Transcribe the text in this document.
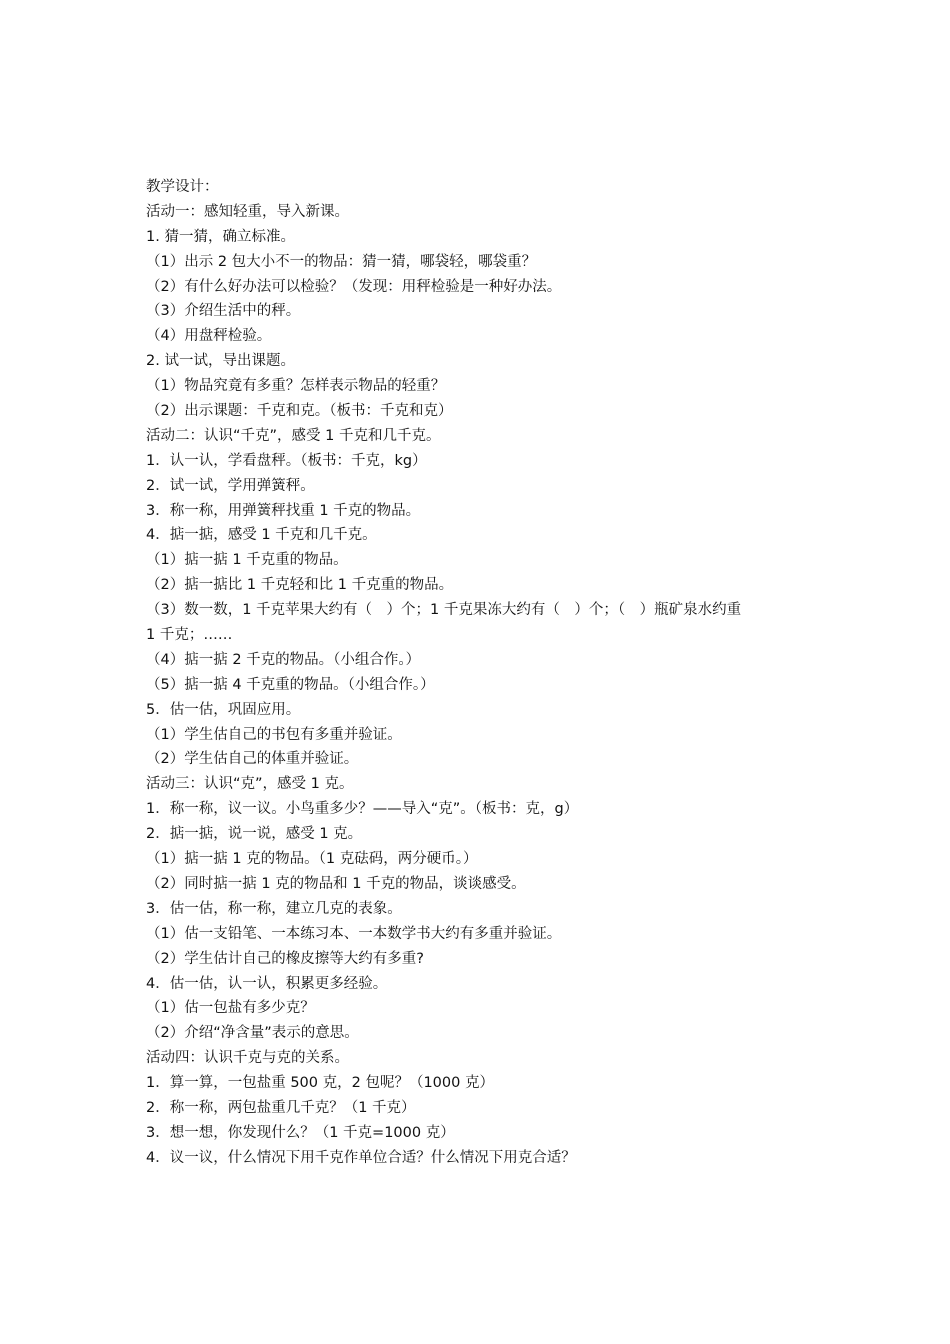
教学设计：
活动一：感知轻重，导入新课。
1. 猜一猜，确立标准。
（1）出示 2 包大小不一的物品：猜一猜，哪袋轻，哪袋重？
（2）有什么好办法可以检验？（发现：用秤检验是一种好办法。
（3）介绍生活中的秤。
（4）用盘秤检验。
2. 试一试，导出课题。
（1）物品究竟有多重？怎样表示物品的轻重？
（2）出示课题：千克和克。（板书：千克和克）
活动二：认识“千克”，感受 1 千克和几千克。
1．认一认，学看盘秤。（板书：千克，kg）
2．试一试，学用弹簧秤。
3．称一称，用弹簧秤找重 1 千克的物品。
4．掂一掂，感受 1 千克和几千克。
（1）掂一掂 1 千克重的物品。
（2）掂一掂比 1 千克轻和比 1 千克重的物品。
（3）数一数，1 千克苹果大约有（　）个；1 千克果冻大约有（　）个；（　）瓶矿泉水约重
1 千克；……
（4）掂一掂 2 千克的物品。（小组合作。）
（5）掂一掂 4 千克重的物品。（小组合作。）
5．估一估，巩固应用。
（1）学生估自己的书包有多重并验证。
（2）学生估自己的体重并验证。
活动三：认识“克”，感受 1 克。
1．称一称，议一议。小鸟重多少？——导入“克”。（板书：克，g）
2．掂一掂，说一说，感受 1 克。
（1）掂一掂 1 克的物品。（1 克砝码，两分硬币。）
（2）同时掂一掂 1 克的物品和 1 千克的物品，谈谈感受。
3．估一估，称一称，建立几克的表象。
（1）估一支铅笔、一本练习本、一本数学书大约有多重并验证。
（2）学生估计自己的橡皮擦等大约有多重?
4．估一估，认一认，积累更多经验。
（1）估一包盐有多少克？
（2）介绍“净含量”表示的意思。
活动四：认识千克与克的关系。
1．算一算，一包盐重 500 克，2 包呢？（1000 克）
2．称一称，两包盐重几千克？（1 千克）
3．想一想，你发现什么？（1 千克=1000 克）
4．议一议，什么情况下用千克作单位合适？什么情况下用克合适？
